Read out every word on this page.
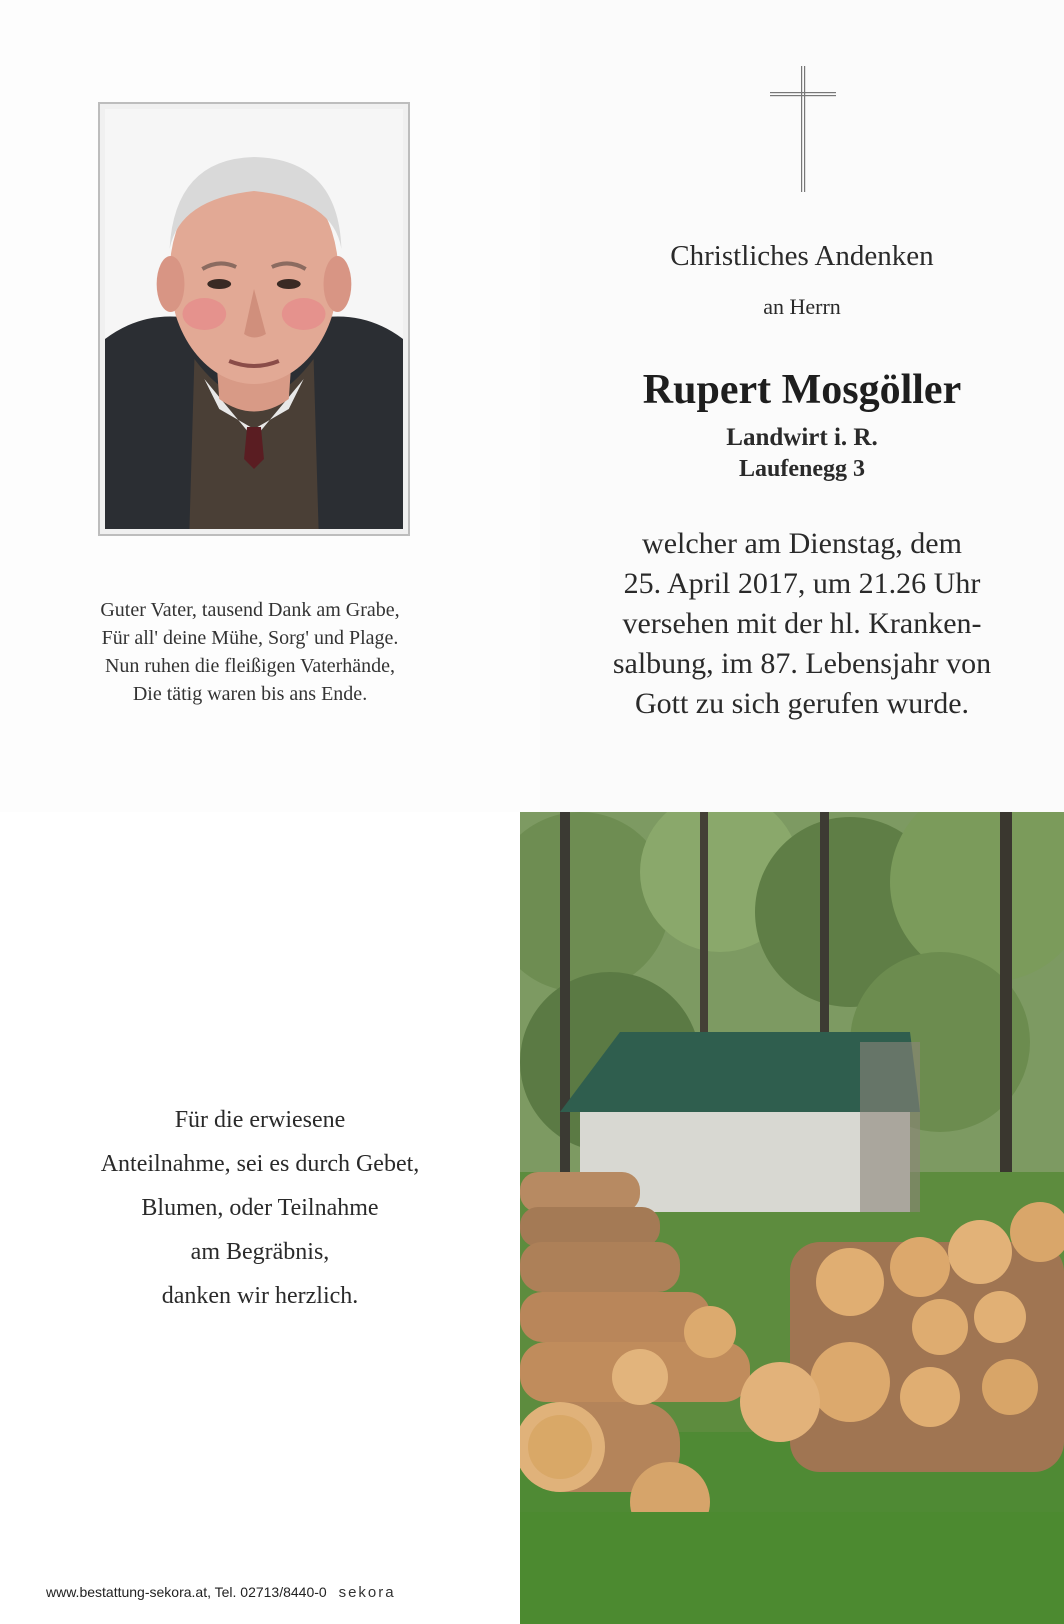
Guter Vater, tausend Dank am Grabe,
Für all' deine Mühe, Sorg' und Plage.
Nun ruhen die fleißigen Vaterhände,
Die tätig waren bis ans Ende.
Christliches Andenken
an Herrn
Rupert Mosgöller
Landwirt i. R.
Laufenegg 3
welcher am Dienstag, dem
25. April 2017, um 21.26 Uhr
versehen mit der hl. Kranken-
salbung, im 87. Lebensjahr von
Gott zu sich gerufen wurde.
Für die erwiesene
Anteilnahme, sei es durch Gebet,
Blumen, oder Teilnahme
am Begräbnis,
danken wir herzlich.
www.bestattung-sekora.at, Tel. 02713/8440-0 sekora
